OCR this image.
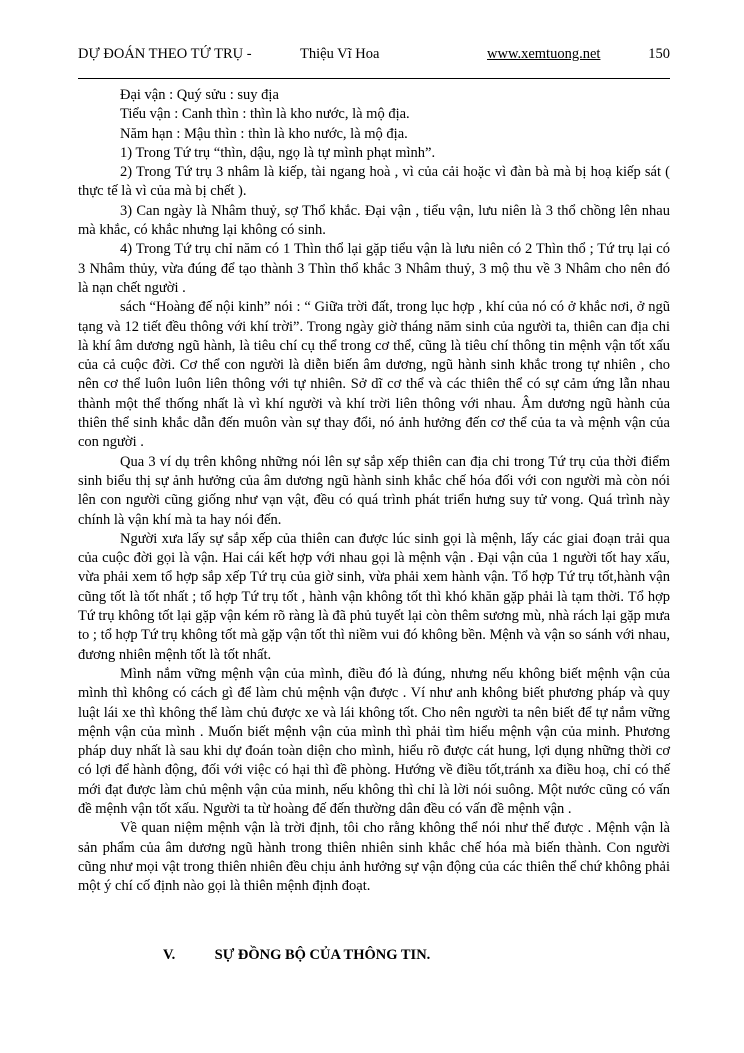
DỰ ĐOÁN THEO TỨ TRỤ -	Thiệu Vĩ Hoa	www.xemtuong.net	150

Đại vận : Quý sửu : suy địa

Tiểu vận : Canh thìn : thìn là kho nước, là mộ địa.

Năm hạn : Mậu thìn : thìn là kho nước, là mộ địa.

1) Trong Tứ trụ “thìn, dậu, ngọ là tự mình phạt mình”.

2) Trong Tứ trụ 3 nhâm là kiếp, tài ngang hoà , vì của cải hoặc vì đàn bà mà bị hoạ kiếp sát ( thực tế là vì của mà bị chết ).

3) Can ngày là Nhâm thuỷ, sợ Thổ khắc. Đại vận , tiểu vận, lưu niên là 3 thổ chồng lên nhau mà khắc, có khắc nhưng lại không có sinh.

4) Trong Tứ trụ chỉ năm có 1 Thìn thổ lại gặp tiểu vận là lưu niên có 2 Thìn thổ ; Tứ trụ lại có 3 Nhâm thủy, vừa đúng để tạo thành 3 Thìn thổ khắc 3 Nhâm thuỷ, 3 mộ thu về 3 Nhâm cho nên đó là nạn chết người .

sách “Hoàng đế nội kinh” nói : “ Giữa trời đất, trong lục hợp , khí của nó có ở khắc nơi, ở ngũ tạng và 12 tiết đều thông với khí trời”. Trong ngày giờ tháng năm sinh của người ta, thiên can địa chi là khí âm dương ngũ hành, là tiêu chí cụ thể trong cơ thể, cũng là tiêu chí thông tin mệnh vận tốt xấu của cả cuộc đời. Cơ thể con người là diễn biến âm dương, ngũ hành sinh khắc trong tự nhiên , cho nên cơ thể luôn luôn liên thông với tự nhiên. Sở dĩ cơ thể và các thiên thể có sự cảm ứng lẫn nhau thành một thể thống nhất là vì khí người và khí trời liên thông với nhau. Âm dương ngũ hành của thiên thể sinh khắc dẫn đến muôn vàn sự thay đổi, nó ảnh hưởng đến cơ thể của ta và mệnh vận của con người .

Qua 3 ví dụ trên không những nói lên sự sắp xếp thiên can địa chi trong Tứ trụ của thời điểm sinh biểu thị sự ảnh hưởng của âm dương ngũ hành sinh khắc chế hóa đối với con người mà còn nói lên con người cũng giống như vạn vật, đều có quá trình phát triển hưng suy tử vong. Quá trình này chính là vận khí mà ta hay nói đến.

Người xưa lấy sự sắp xếp của thiên can được lúc sinh gọi là mệnh, lấy các giai đoạn trải qua của cuộc đời gọi là vận. Hai cái kết hợp với nhau gọi là mệnh vận . Đại vận của 1 người tốt hay xấu, vừa phải xem tổ hợp sắp xếp Tứ trụ của giờ sinh, vừa phải xem hành vận. Tổ hợp Tứ trụ tốt,hành vận cũng tốt là tốt nhất ; tổ hợp Tứ trụ tốt , hành vận không tốt thì khó khăn gặp phải là tạm thời. Tổ hợp Tứ trụ không tốt lại gặp vận kém rõ ràng là đã phủ tuyết lại còn thêm sương mù, nhà rách lại gặp mưa to ; tổ hợp Tứ trụ không tốt mà gặp vận tốt thì niềm vui đó không bền. Mệnh và vận so sánh với nhau, đương nhiên mệnh tốt là tốt nhất.

Mình nắm vững mệnh vận của mình, điều đó là đúng, nhưng nếu không biết mệnh vận của mình thì không có cách gì để làm chủ mệnh vận được . Ví như anh không biết phương pháp và quy luật lái xe thì không thể làm chủ được xe và lái không tốt. Cho nên người ta nên biết để tự nắm vững mệnh vận của mình . Muốn biết mệnh vận của mình thì phải tìm hiểu mệnh vận của minh. Phương pháp duy nhất là sau khi dự đoán toàn diện cho mình, hiểu rõ được cát hung, lợi dụng những thời cơ có lợi để hành động, đối với việc có hại thì đề phòng. Hướng về điều tốt,tránh xa điều hoạ, chỉ có thế mới đạt được làm chủ mệnh vận của minh, nếu không thì chỉ là lời nói suông. Một nước cũng có vấn đề mệnh vận tốt xấu. Người ta từ hoàng đế đến thường dân đều có vấn đề mệnh vận .

Về quan niệm mệnh vận là trời định, tôi cho rằng không thể nói như thế được . Mệnh vận là sản phẩm của âm dương ngũ hành trong thiên nhiên sinh khắc chế hóa mà biến thành. Con người cũng như mọi vật trong thiên nhiên đều chịu ảnh hưởng sự vận động của các thiên thể chứ không phải một ý chí cố định nào gọi là thiên mệnh định đoạt.

V.	SỰ ĐỒNG BỘ CỦA THÔNG TIN.
